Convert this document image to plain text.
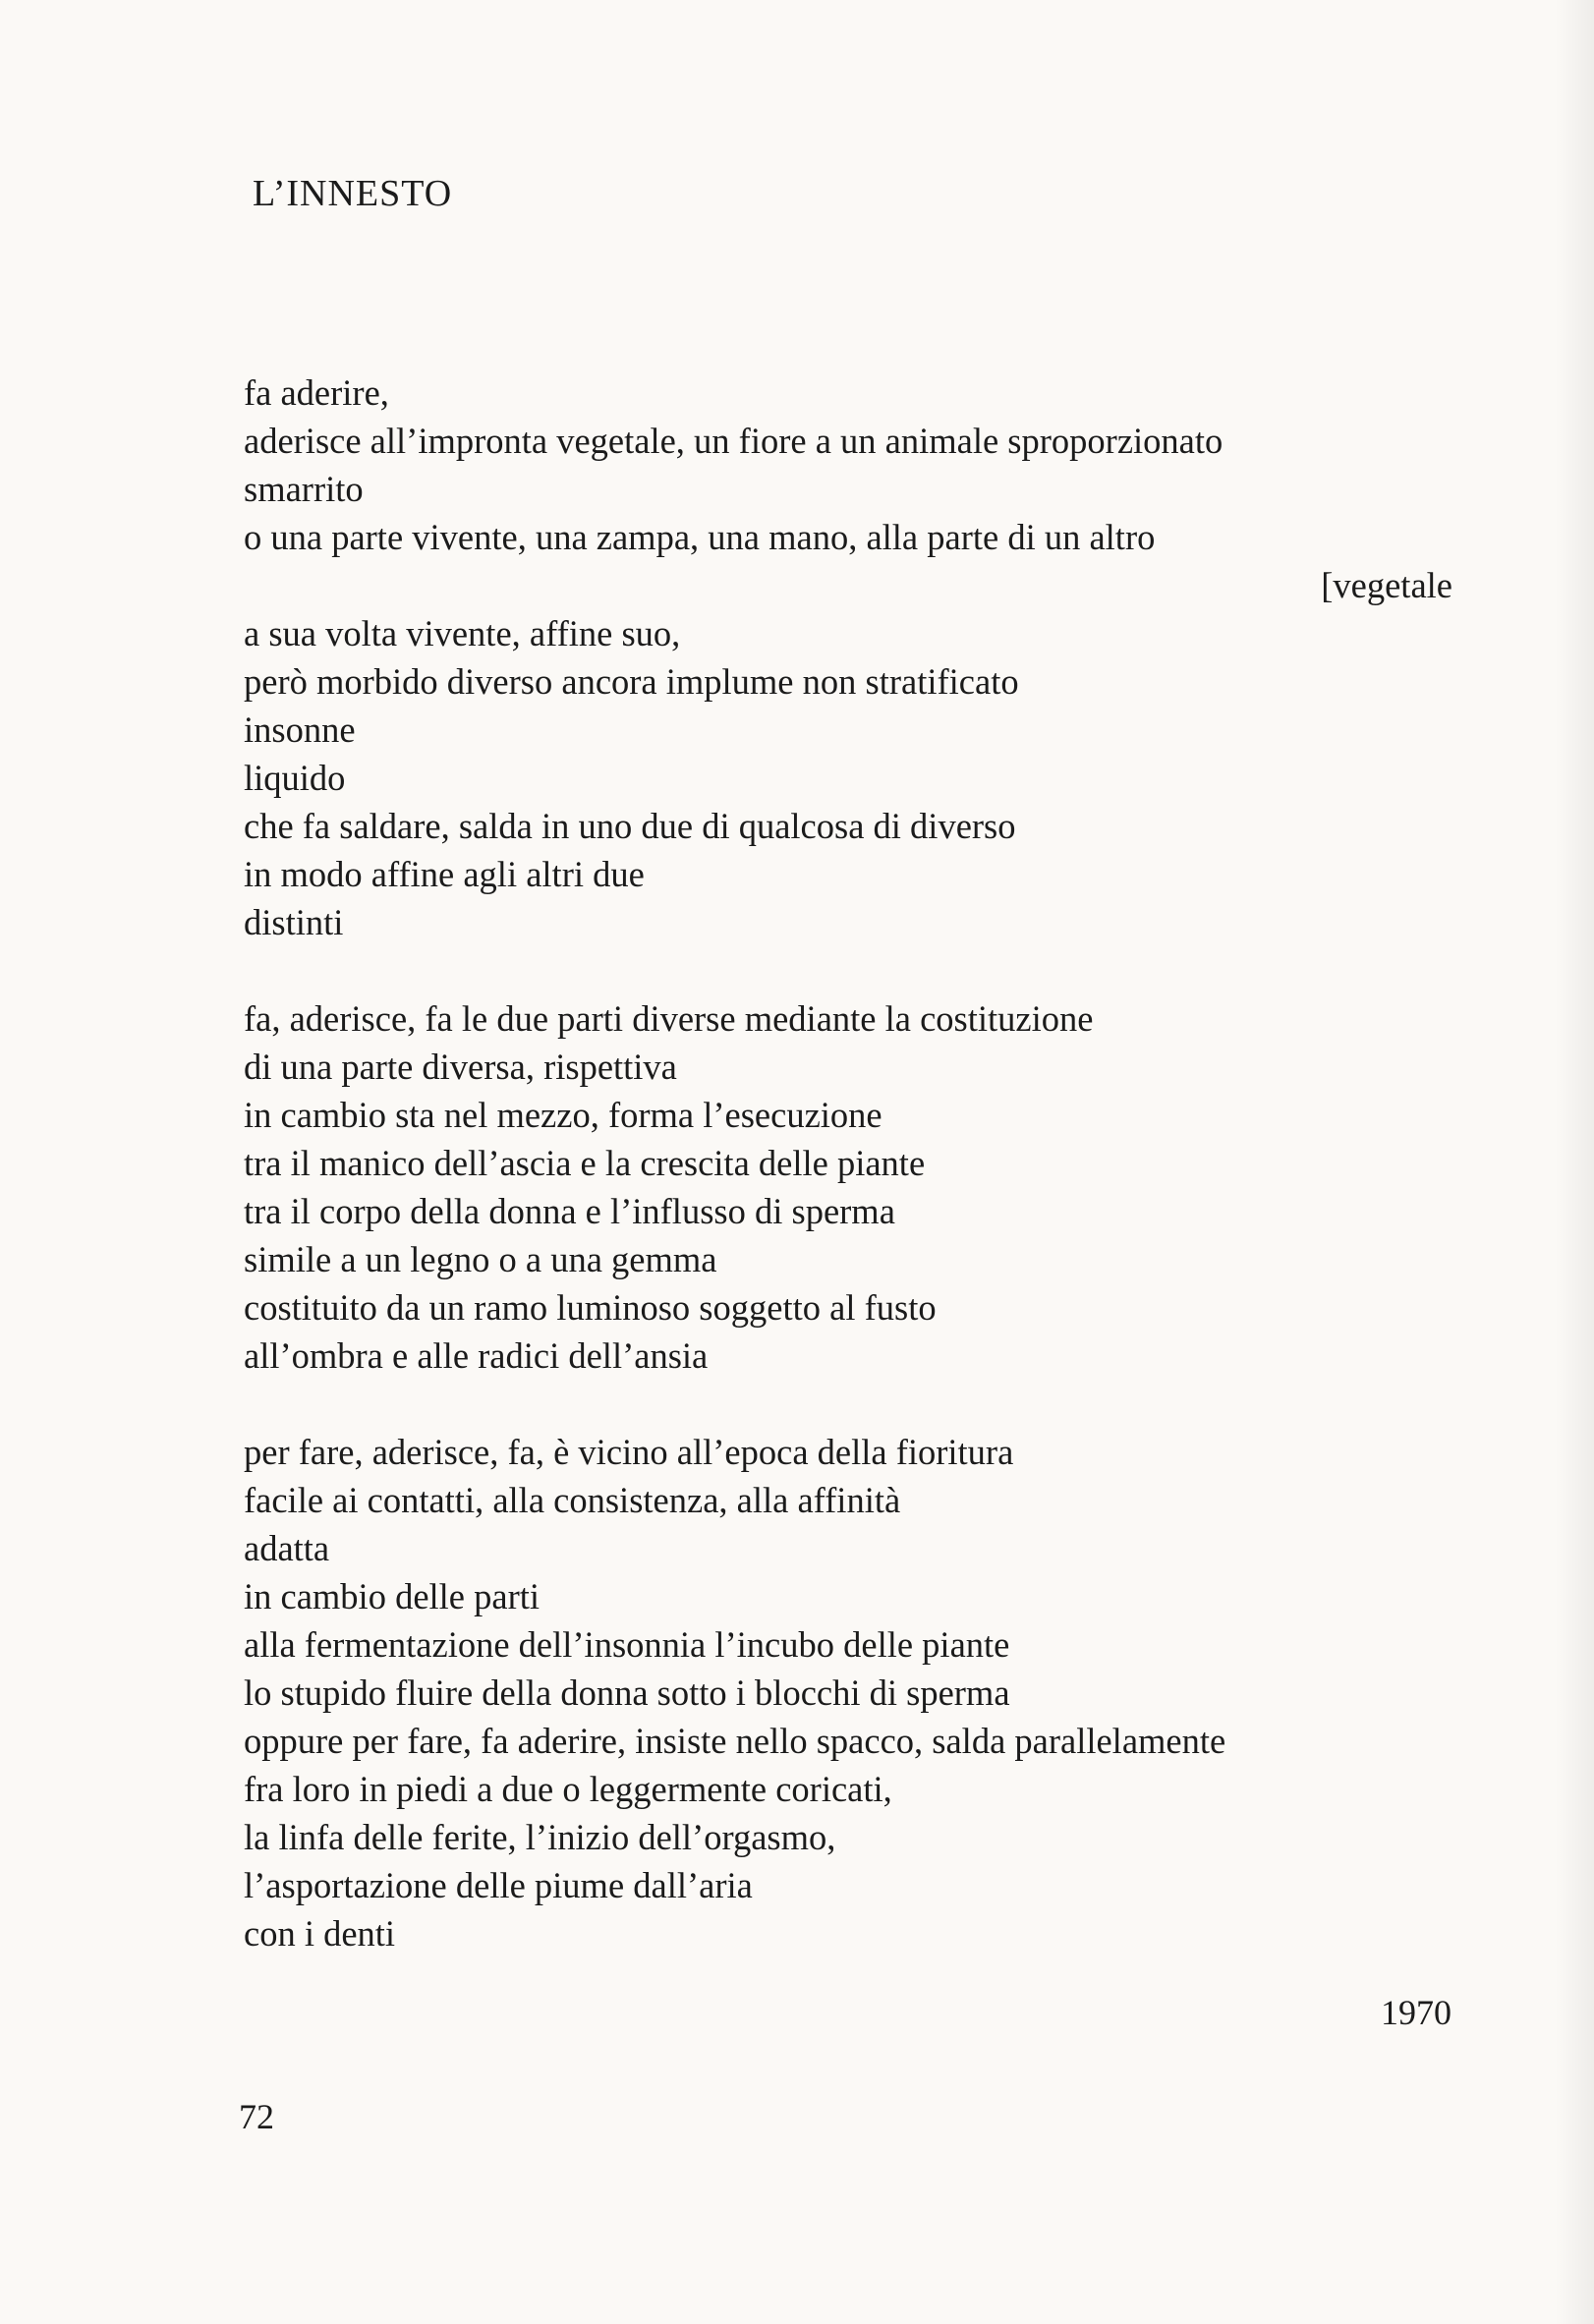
L’INNESTO
fa aderire,
aderisce all’impronta vegetale, un fiore a un animale sproporzionato
smarrito
o una parte vivente, una zampa, una mano, alla parte di un altro
[vegetale
a sua volta vivente, affine suo,
però morbido diverso ancora implume non stratificato
insonne
liquido
che fa saldare, salda in uno due di qualcosa di diverso
in modo affine agli altri due
distinti
fa, aderisce, fa le due parti diverse mediante la costituzione
di una parte diversa, rispettiva
in cambio sta nel mezzo, forma l’esecuzione
tra il manico dell’ascia e la crescita delle piante
tra il corpo della donna e l’influsso di sperma
simile a un legno o a una gemma
costituito da un ramo luminoso soggetto al fusto
all’ombra e alle radici dell’ansia
per fare, aderisce, fa, è vicino all’epoca della fioritura
facile ai contatti, alla consistenza, alla affinità
adatta
in cambio delle parti
alla fermentazione dell’insonnia l’incubo delle piante
lo stupido fluire della donna sotto i blocchi di sperma
oppure per fare, fa aderire, insiste nello spacco, salda parallelamente
fra loro in piedi a due o leggermente coricati,
la linfa delle ferite, l’inizio dell’orgasmo,
l’asportazione delle piume dall’aria
con i denti
1970
72
